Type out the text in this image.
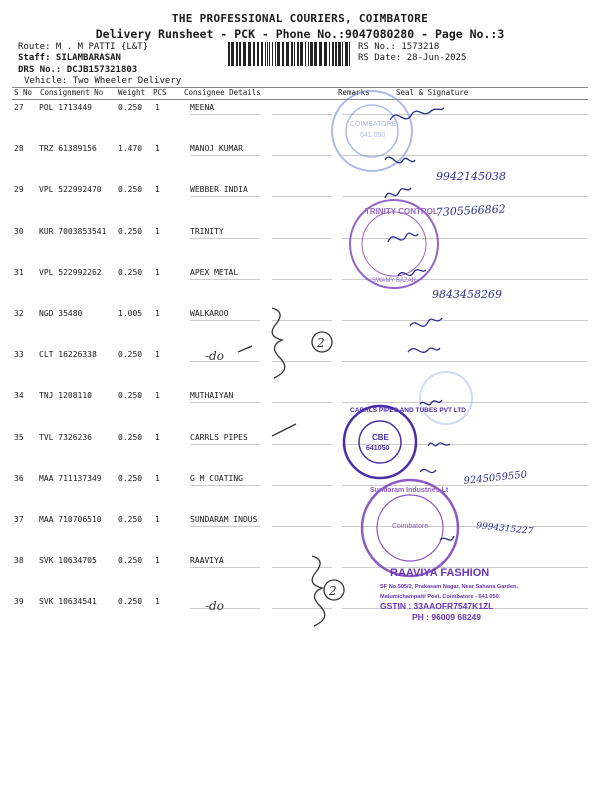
THE PROFESSIONAL COURIERS, COIMBATORE
Delivery Runsheet - PCK - Phone No.:9047080280 - Page No.:3
Route: M . M PATTI {L&T}
Staff: SILAMBARASAN
DRS No.: DCJB157321803
Vehicle: Two Wheeler Delivery
RS No.: 1573218
RS Date: 28-Jun-2025
S No Consignment No Weight PCS Consignee Details	Remarks	Seal & Signature
27 POL 1713449	0.250 1	MEENA
28 TRZ 61389156	1.470 1	MANOJ KUMAR
29 VPL 522992470 0.250 1	WEBBER INDIA
30 KUR 7003853541 0.250 1	TRINITY
31 VPL 522992262 0.250 1	APEX METAL
32 NGD 35480	1.005 1	WALKAROO
33 CLT 16226338	0.250 1
34 TNJ 1208110	0.250 1	MUTHAIYAN
35 TVL 7326236	0.250 1	CARRLS PIPES
36 MAA 711137349 0.250 1	G M COATING
37 MAA 710706510 0.250 1	SUNDARAM INDUS
38 SVK 10634705	0.250 1	RAAVIYA
39 SVK 10634541	0.250 1
COIMBATORE
641 050
TRINITY CONTROL
SWAMY BAZAR
CARRLS PIPES AND TUBES PVT LTD
CBE
641050
Sundaram Industries Lt
Coimbatore
RAAVIYA FASHION
SF No.505/2, Prakasam Nagar, Near Sahana Garden,
Malumichampatti Post, Coimbatore - 641 050.
GSTIN : 33AAOFR7547K1ZL
PH : 96009 68249
9942145038
7305566862
9843458269
9245059550
9994315227
-do
-do
2
2
